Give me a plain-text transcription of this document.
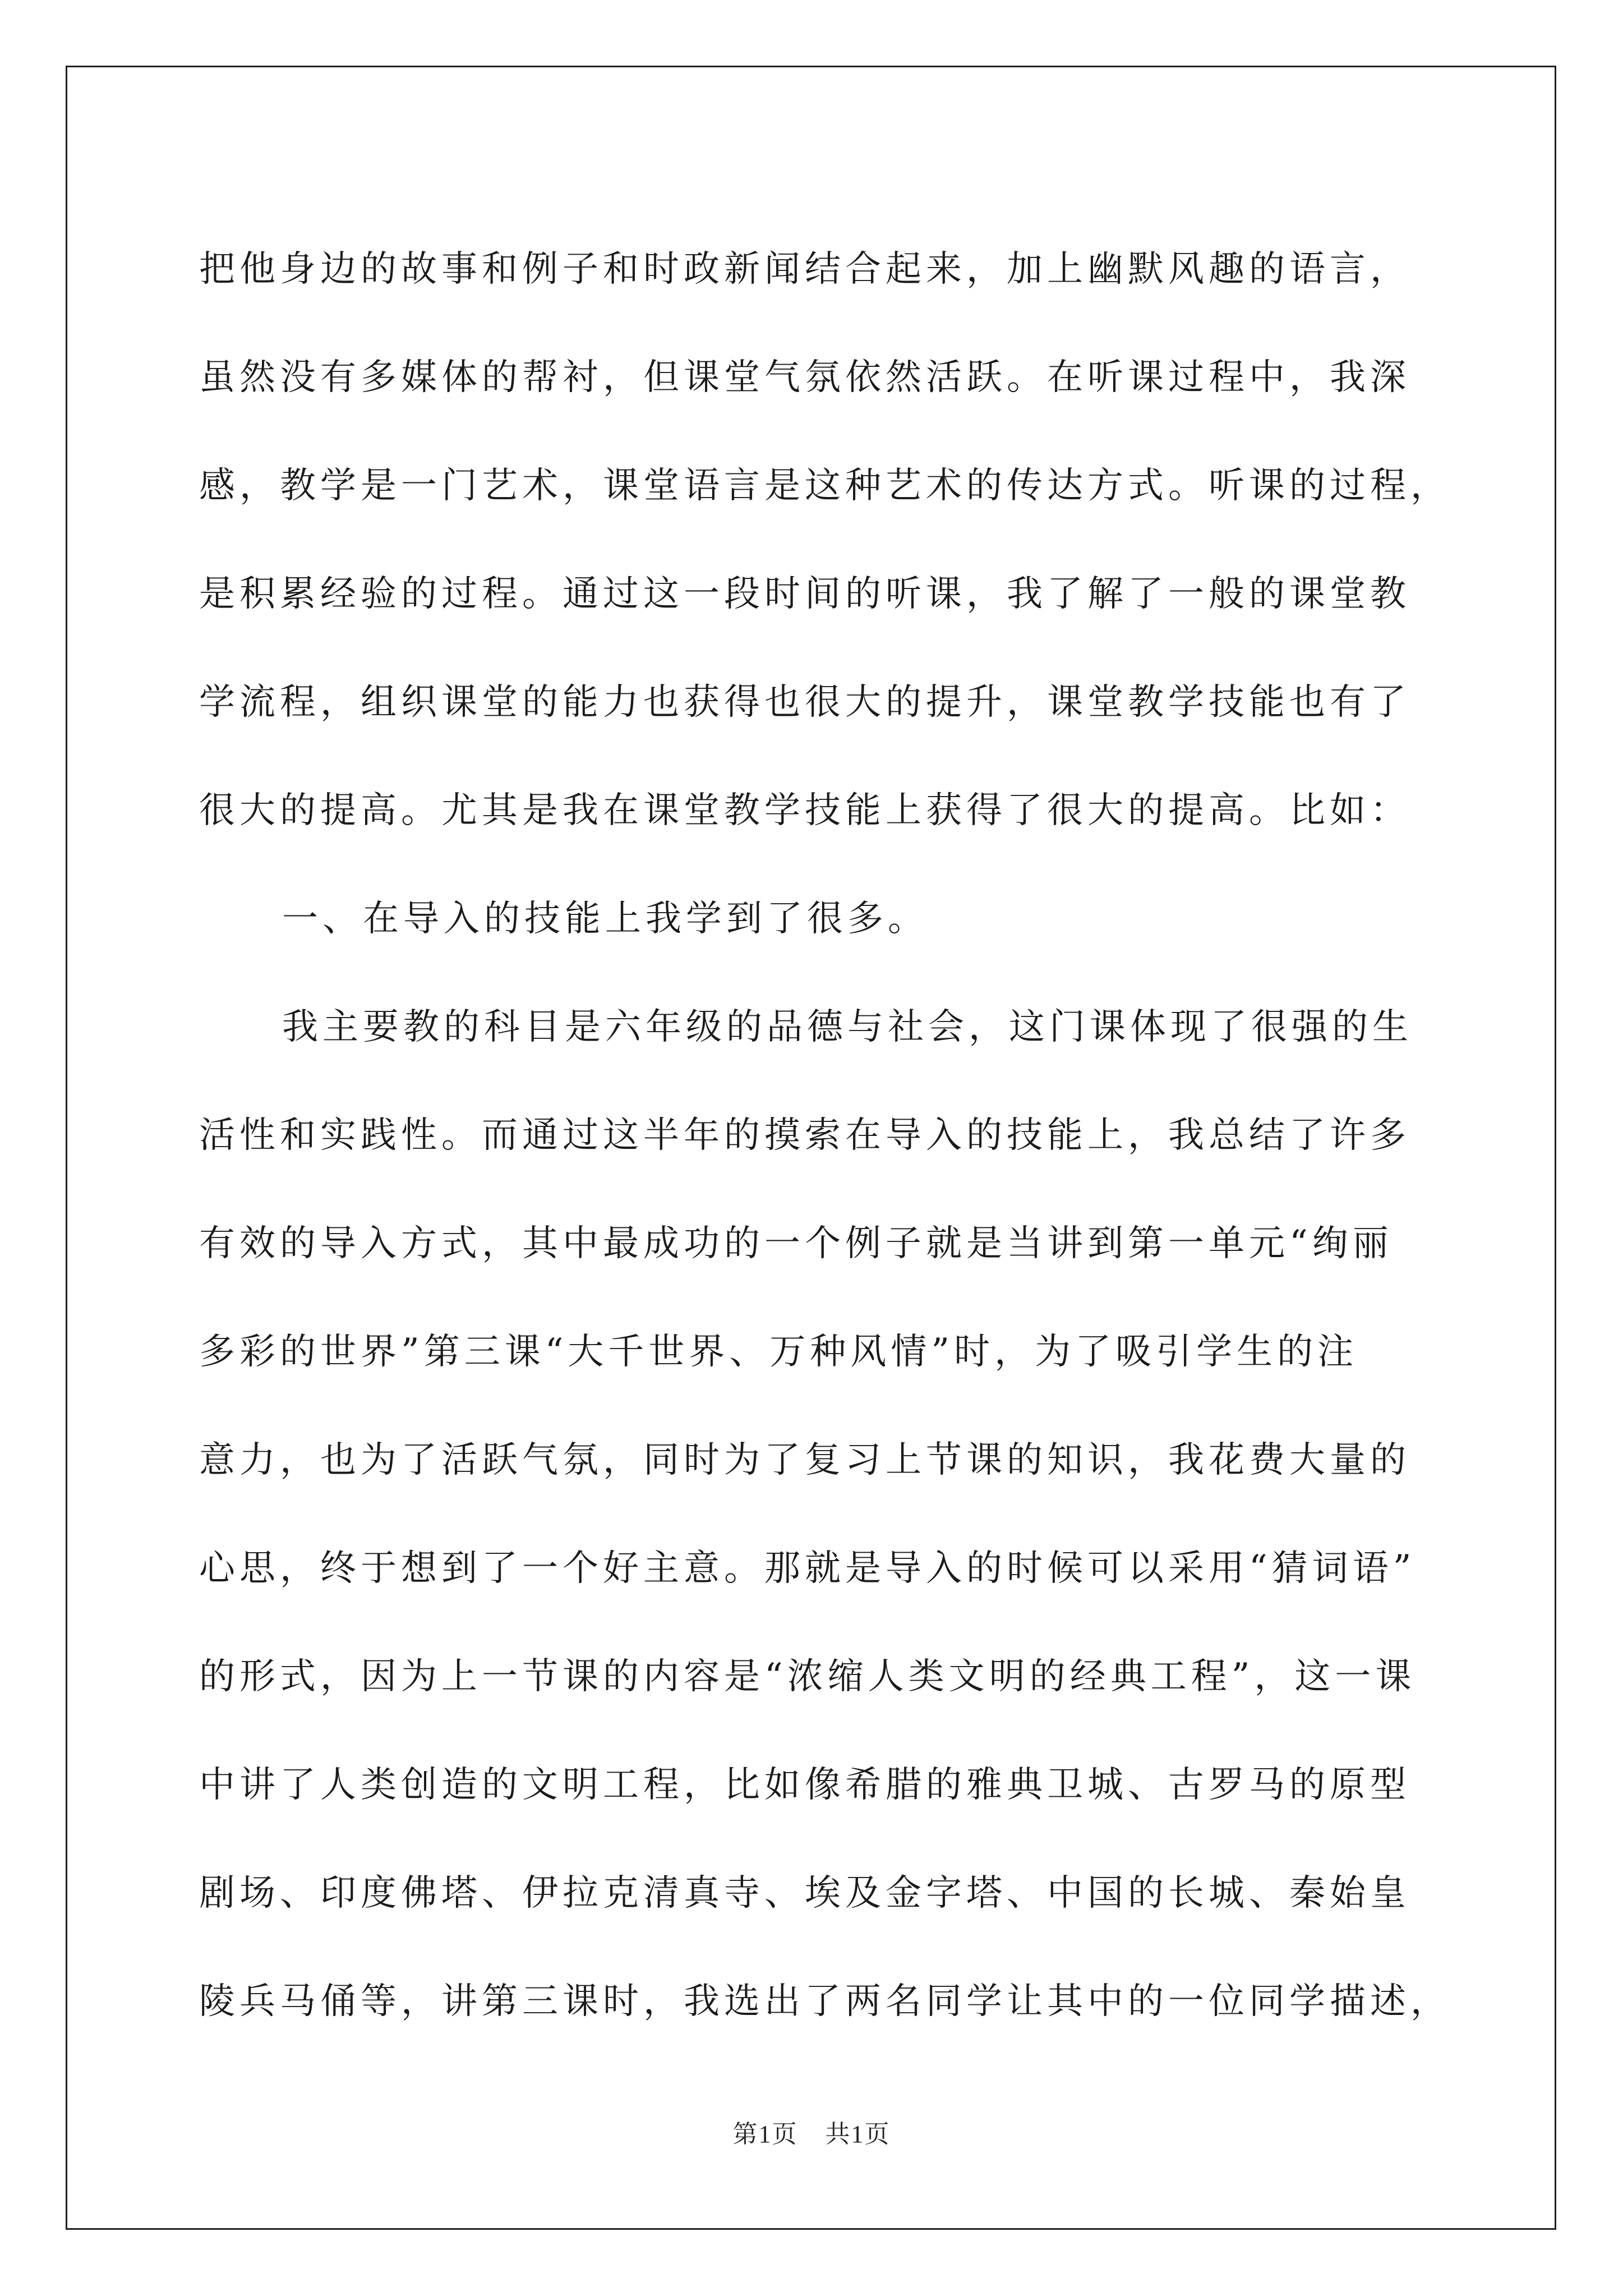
把他身边的故事和例子和时政新闻结合起来，加上幽默风趣的语言，
虽然没有多媒体的帮衬，但课堂气氛依然活跃。在听课过程中，我深
感，教学是一门艺术，课堂语言是这种艺术的传达方式。听课的过程，
是积累经验的过程。通过这一段时间的听课，我了解了一般的课堂教
学流程，组织课堂的能力也获得也很大的提升，课堂教学技能也有了
很大的提高。尤其是我在课堂教学技能上获得了很大的提高。比如：
一、在导入的技能上我学到了很多。
我主要教的科目是六年级的品德与社会，这门课体现了很强的生
活性和实践性。而通过这半年的摸索在导入的技能上，我总结了许多
有效的导入方式，其中最成功的一个例子就是当讲到第一单元“绚丽
多彩的世界”第三课“大千世界、万种风情”时，为了吸引学生的注
意力，也为了活跃气氛，同时为了复习上节课的知识，我花费大量的
心思，终于想到了一个好主意。那就是导入的时候可以采用“猜词语”
的形式，因为上一节课的内容是“浓缩人类文明的经典工程”，这一课
中讲了人类创造的文明工程，比如像希腊的雅典卫城、古罗马的原型
剧场、印度佛塔、伊拉克清真寺、埃及金字塔、中国的长城、秦始皇
陵兵马俑等，讲第三课时，我选出了两名同学让其中的一位同学描述，
第1页 共1页
